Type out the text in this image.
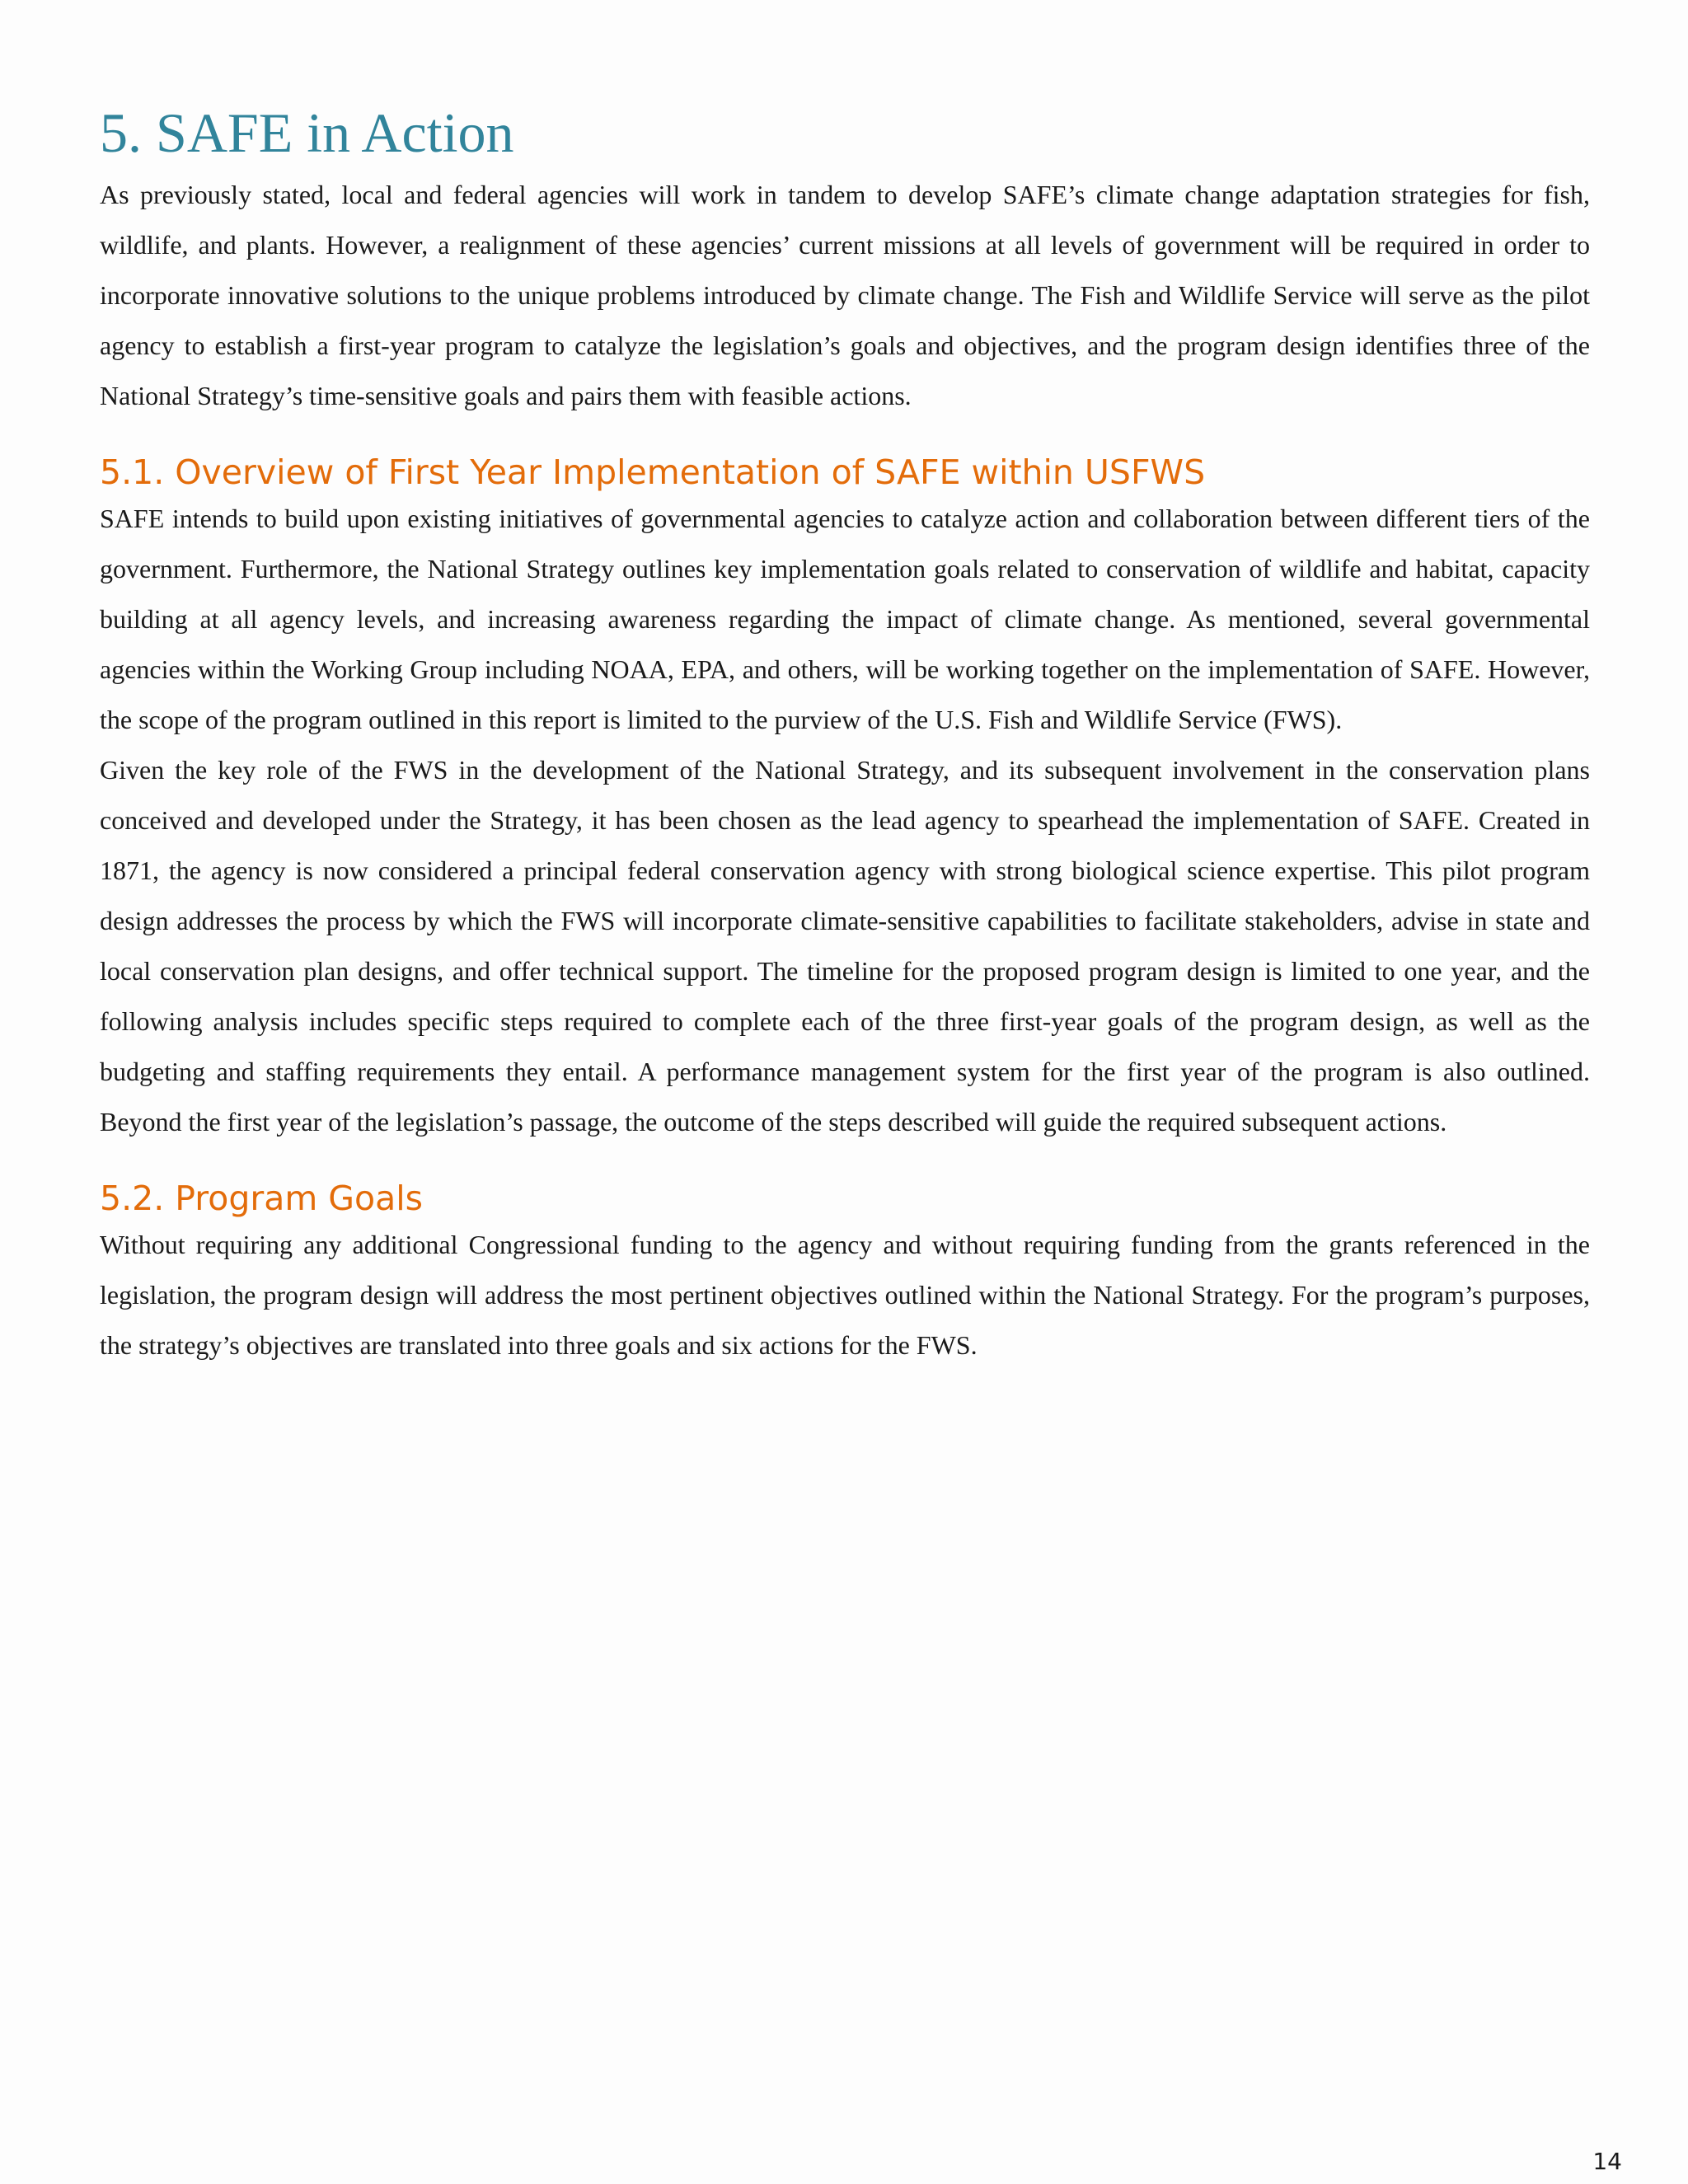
5. SAFE in Action

As previously stated, local and federal agencies will work in tandem to develop SAFE’s climate change adaptation strategies for fish, wildlife, and plants. However, a realignment of these agencies’ current missions at all levels of government will be required in order to incorporate innovative solutions to the unique problems introduced by climate change. The Fish and Wildlife Service will serve as the pilot agency to establish a first-year program to catalyze the legislation’s goals and objectives, and the program design identifies three of the National Strategy’s time-sensitive goals and pairs them with feasible actions.

5.1. Overview of First Year Implementation of SAFE within USFWS

SAFE intends to build upon existing initiatives of governmental agencies to catalyze action and collaboration between different tiers of the government. Furthermore, the National Strategy outlines key implementation goals related to conservation of wildlife and habitat, capacity building at all agency levels, and increasing awareness regarding the impact of climate change. As mentioned, several governmental agencies within the Working Group including NOAA, EPA, and others, will be working together on the implementation of SAFE. However, the scope of the program outlined in this report is limited to the purview of the U.S. Fish and Wildlife Service (FWS).

Given the key role of the FWS in the development of the National Strategy, and its subsequent involvement in the conservation plans conceived and developed under the Strategy, it has been chosen as the lead agency to spearhead the implementation of SAFE. Created in 1871, the agency is now considered a principal federal conservation agency with strong biological science expertise. This pilot program design addresses the process by which the FWS will incorporate climate-sensitive capabilities to facilitate stakeholders, advise in state and local conservation plan designs, and offer technical support. The timeline for the proposed program design is limited to one year, and the following analysis includes specific steps required to complete each of the three first-year goals of the program design, as well as the budgeting and staffing requirements they entail. A performance management system for the first year of the program is also outlined. Beyond the first year of the legislation’s passage, the outcome of the steps described will guide the required subsequent actions.

5.2. Program Goals

Without requiring any additional Congressional funding to the agency and without requiring funding from the grants referenced in the legislation, the program design will address the most pertinent objectives outlined within the National Strategy. For the program’s purposes, the strategy’s objectives are translated into three goals and six actions for the FWS.

14
